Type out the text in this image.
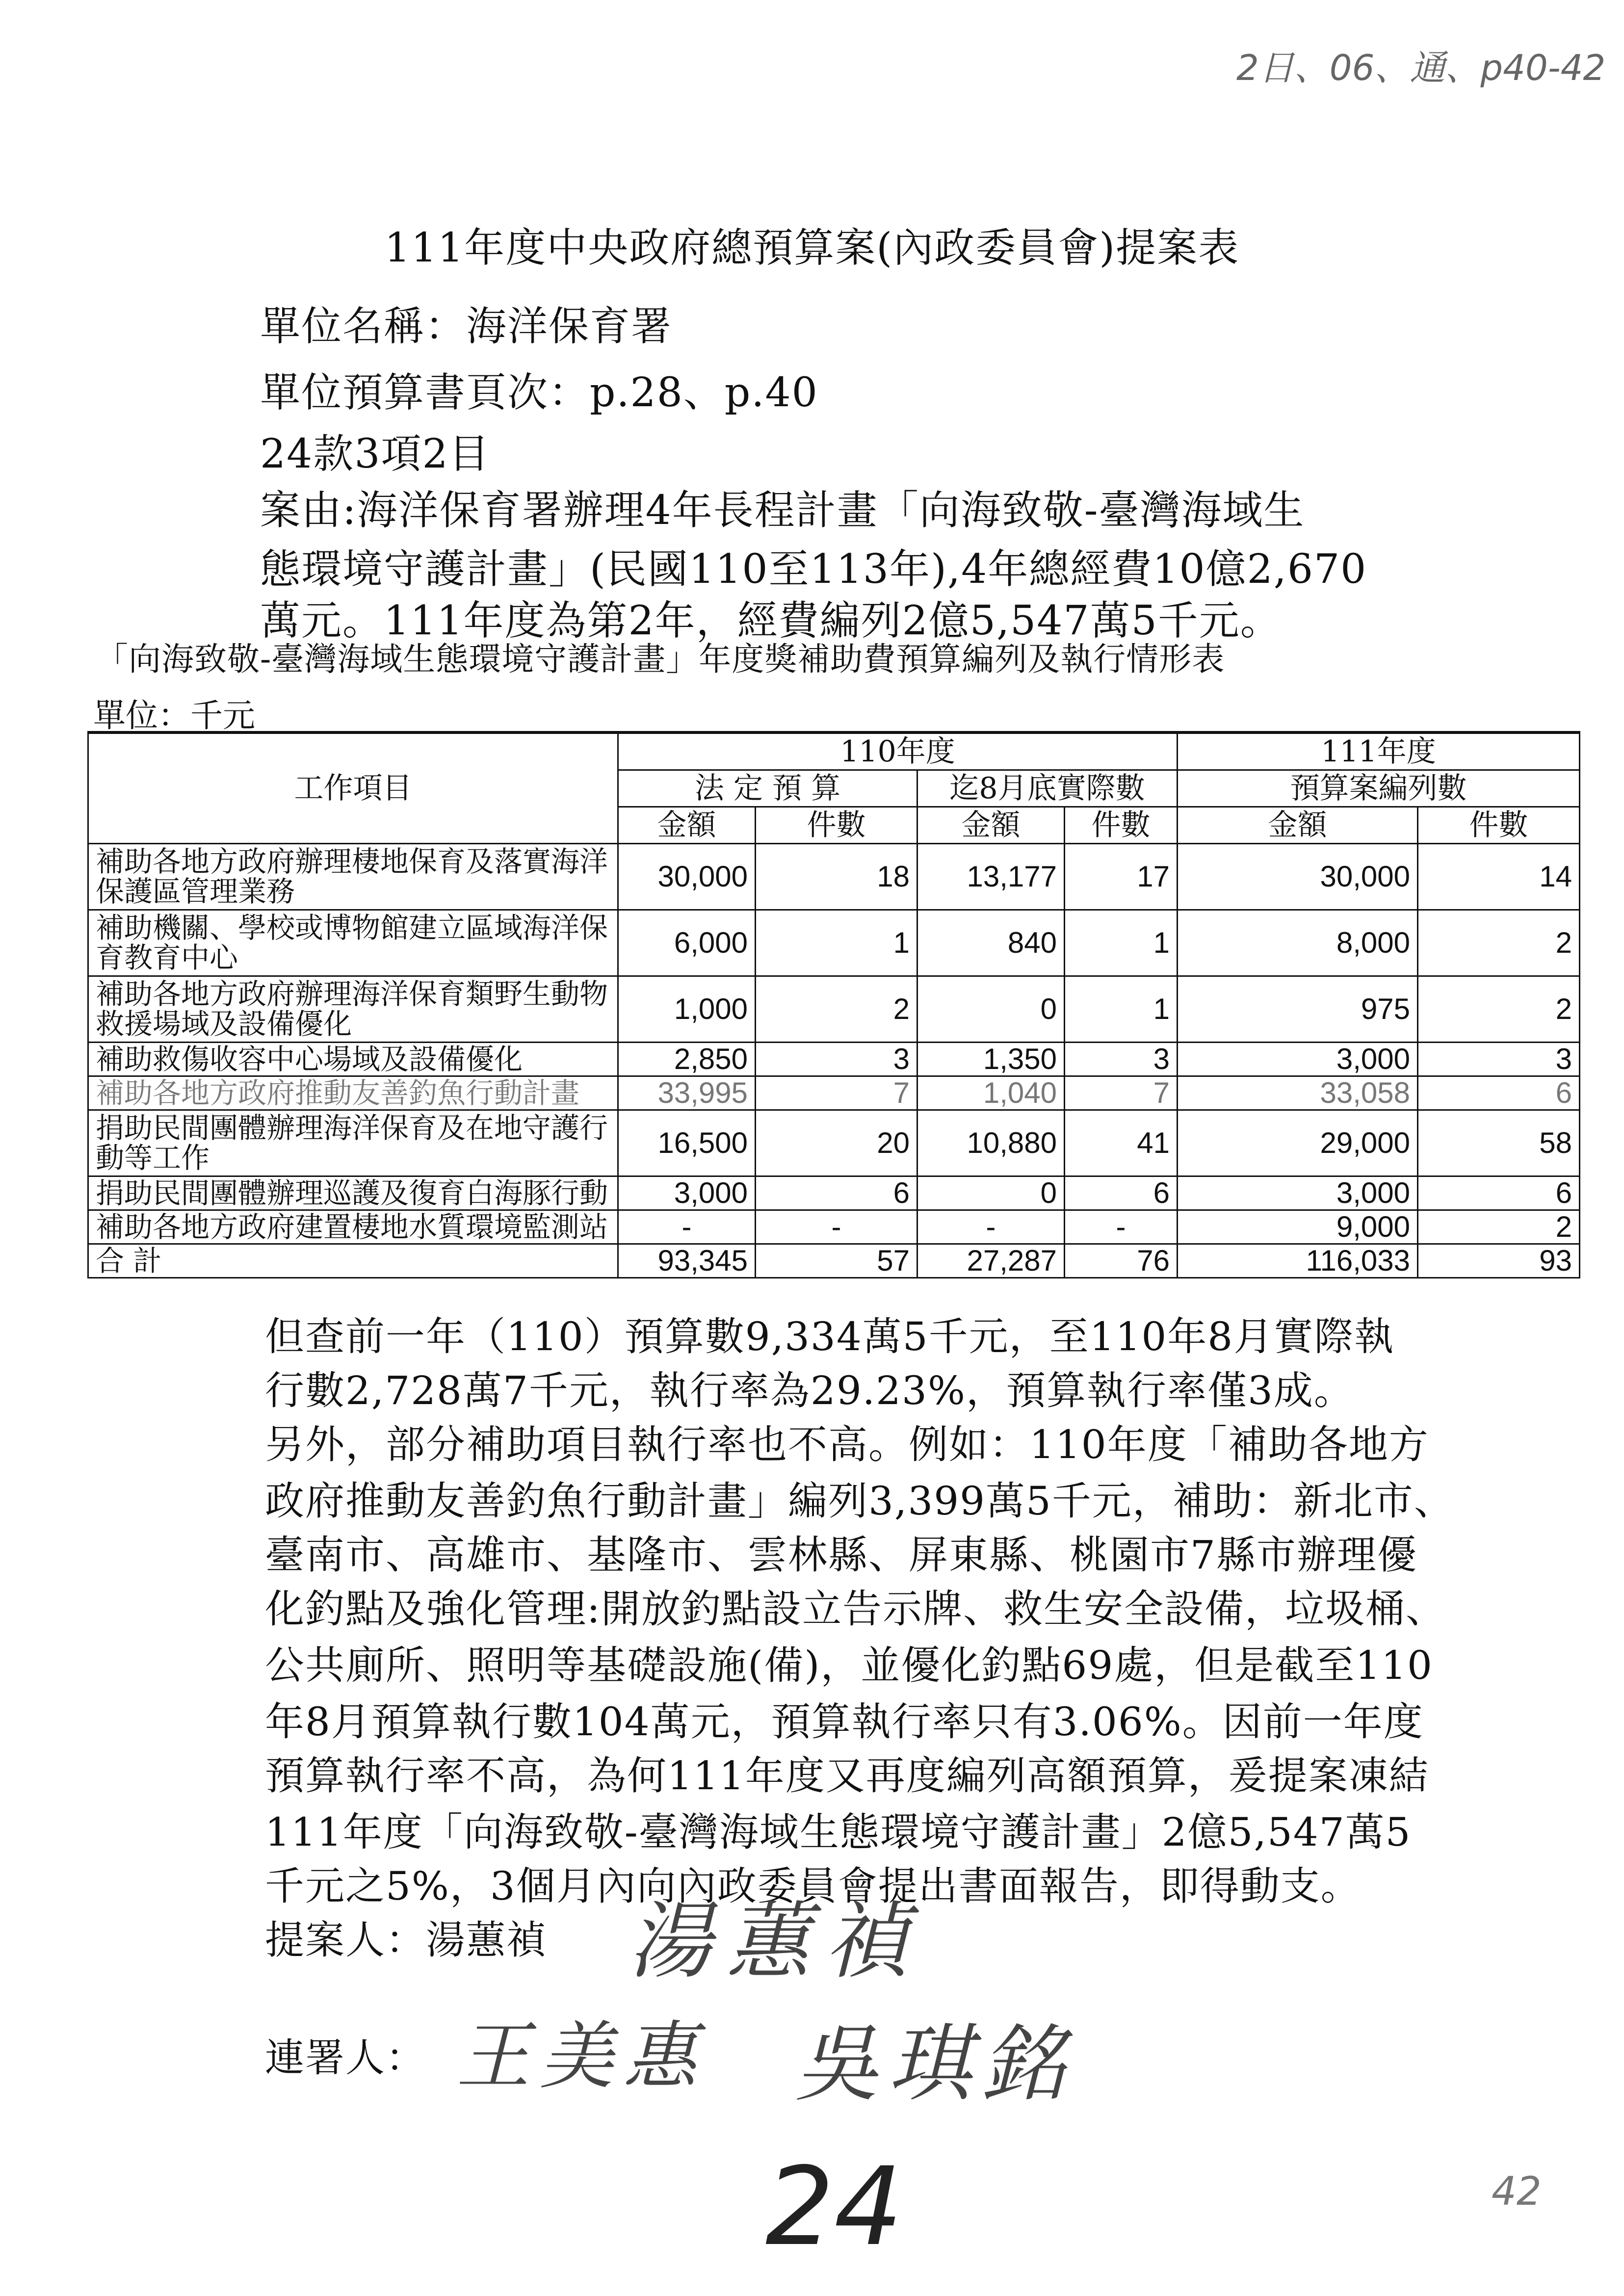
2日、06、通、p40-42
111年度中央政府總預算案(內政委員會)提案表
單位名稱：海洋保育署
單位預算書頁次：p.28、p.40
24款3項2目
案由:海洋保育署辦理4年長程計畫「向海致敬-臺灣海域生
態環境守護計畫」(民國110至113年),4年總經費10億2,670
萬元。111年度為第2年，經費編列2億5,547萬5千元。
「向海致敬-臺灣海域生態環境守護計畫」年度獎補助費預算編列及執行情形表
單位：千元
工作項目	110年度				111年度	
	法 定 預 算		迄8月底實際數		預算案編列數	
	金額	件數	金額	件數	金額	件數
補助各地方政府辦理棲地保育及落實海洋保護區管理業務	30,000	18	13,177	17	30,000	14
補助機關、學校或博物館建立區域海洋保育教育中心	6,000	1	840	1	8,000	2
補助各地方政府辦理海洋保育類野生動物救援場域及設備優化	1,000	2	0	1	975	2
補助救傷收容中心場域及設備優化	2,850	3	1,350	3	3,000	3
補助各地方政府推動友善釣魚行動計畫	33,995	7	1,040	7	33,058	6
捐助民間團體辦理海洋保育及在地守護行動等工作	16,500	20	10,880	41	29,000	58
捐助民間團體辦理巡護及復育白海豚行動	3,000	6	0	6	3,000	6
補助各地方政府建置棲地水質環境監測站	-	-	-	-	9,000	2
合 計	93,345	57	27,287	76	116,033	93
但查前一年（110）預算數9,334萬5千元，至110年8月實際執
行數2,728萬7千元，執行率為29.23%，預算執行率僅3成。
另外，部分補助項目執行率也不高。例如：110年度「補助各地方
政府推動友善釣魚行動計畫」編列3,399萬5千元，補助：新北市、
臺南市、高雄市、基隆市、雲林縣、屏東縣、桃園市7縣市辦理優
化釣點及強化管理:開放釣點設立告示牌、救生安全設備，垃圾桶、
公共廁所、照明等基礎設施(備)，並優化釣點69處，但是截至110
年8月預算執行數104萬元，預算執行率只有3.06%。因前一年度
預算執行率不高，為何111年度又再度編列高額預算，爰提案凍結
111年度「向海致敬-臺灣海域生態環境守護計畫」2億5,547萬5
千元之5%，3個月內向內政委員會提出書面報告，即得動支。
提案人：湯蕙禎 湯蕙禎
連署人： 王美惠 吳琪銘
24	42
